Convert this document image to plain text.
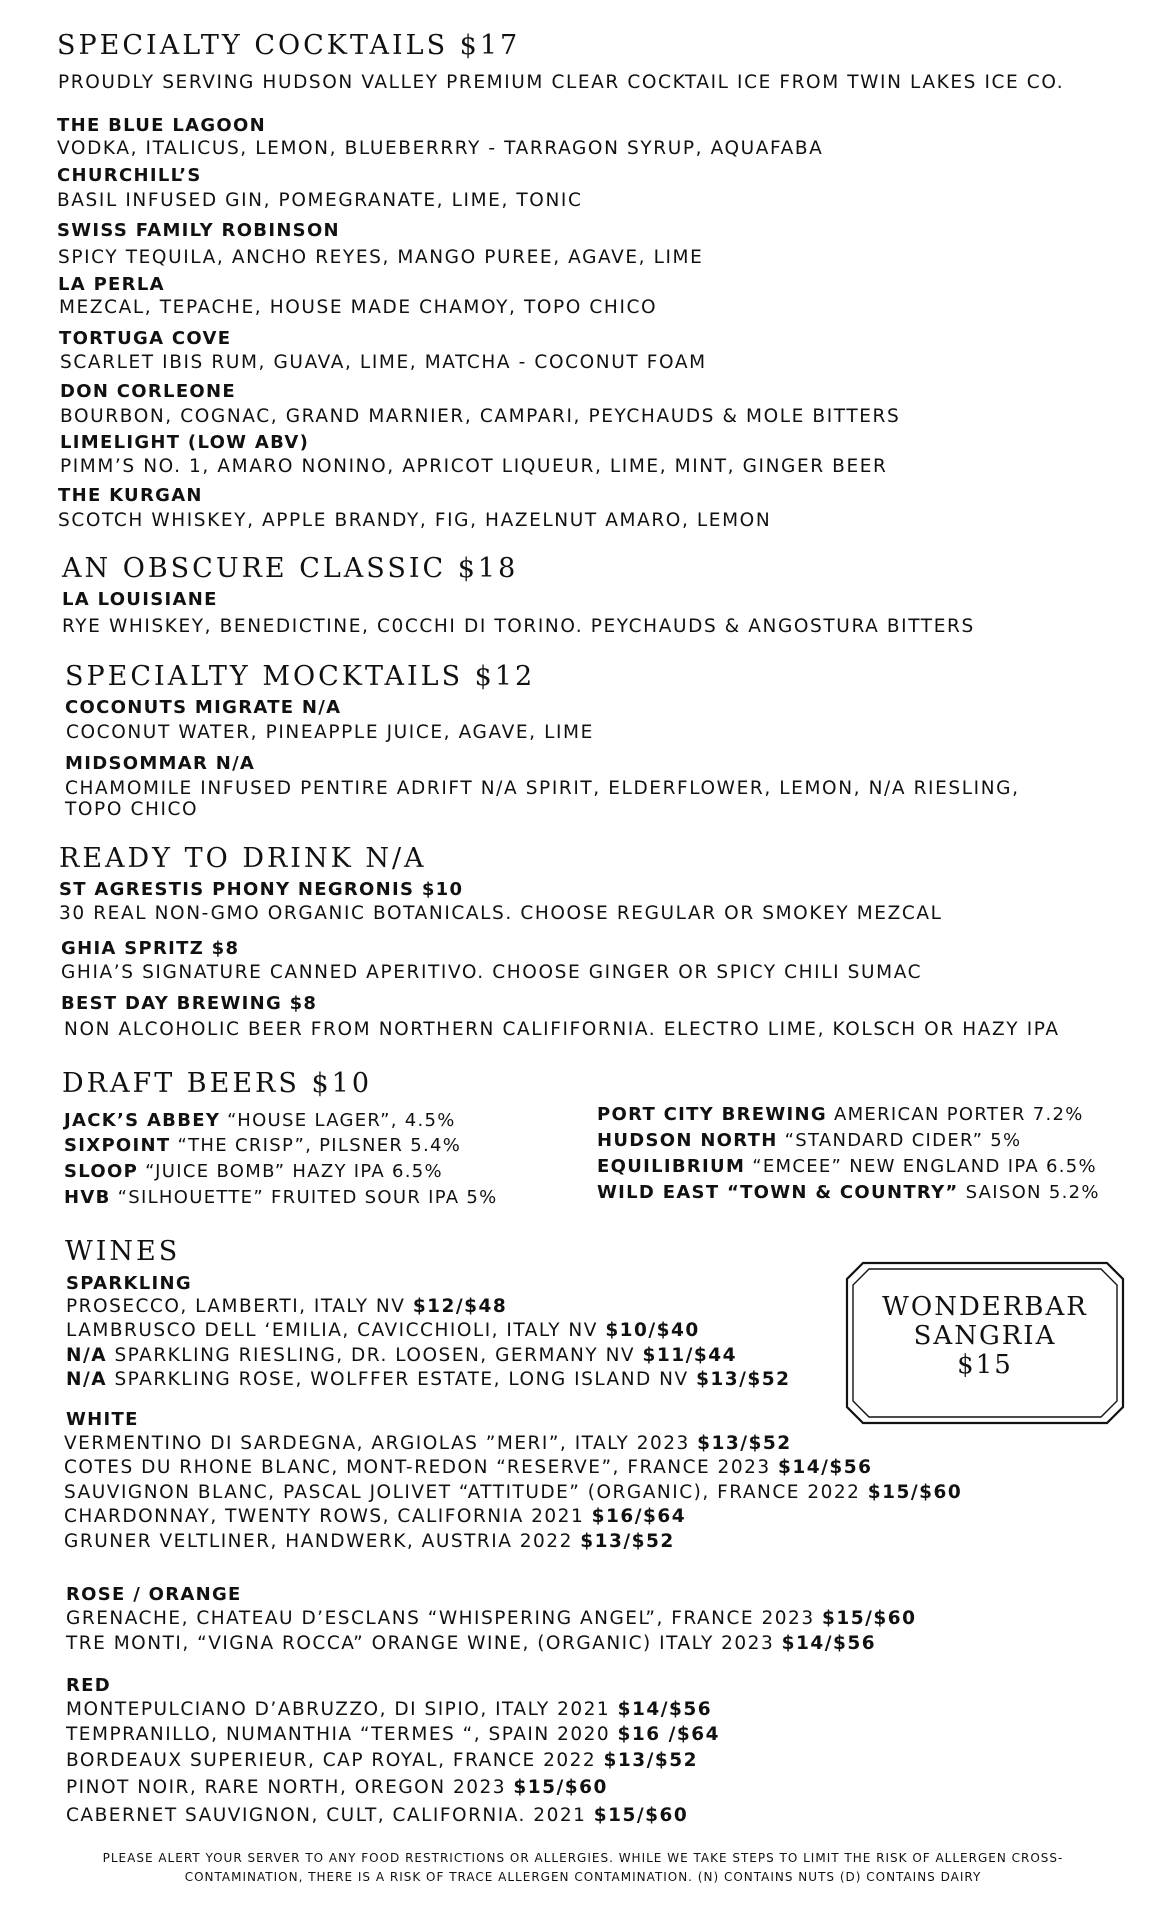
SPECIALTY COCKTAILS $17
PROUDLY SERVING HUDSON VALLEY PREMIUM CLEAR COCKTAIL ICE FROM TWIN LAKES ICE CO.
THE BLUE LAGOON
VODKA, ITALICUS, LEMON, BLUEBERRRY - TARRAGON SYRUP, AQUAFABA
CHURCHILL’S
BASIL INFUSED GIN, POMEGRANATE, LIME, TONIC
SWISS FAMILY ROBINSON
SPICY TEQUILA, ANCHO REYES, MANGO PUREE, AGAVE, LIME
LA PERLA
MEZCAL, TEPACHE, HOUSE MADE CHAMOY, TOPO CHICO
TORTUGA COVE
SCARLET IBIS RUM, GUAVA, LIME, MATCHA - COCONUT FOAM
DON CORLEONE
BOURBON, COGNAC, GRAND MARNIER, CAMPARI, PEYCHAUDS & MOLE BITTERS
LIMELIGHT (LOW ABV)
PIMM’S NO. 1, AMARO NONINO, APRICOT LIQUEUR, LIME, MINT, GINGER BEER
THE KURGAN
SCOTCH WHISKEY, APPLE BRANDY, FIG, HAZELNUT AMARO, LEMON
AN OBSCURE CLASSIC $18
LA LOUISIANE
RYE WHISKEY, BENEDICTINE, C0CCHI DI TORINO. PEYCHAUDS & ANGOSTURA BITTERS
SPECIALTY MOCKTAILS $12
COCONUTS MIGRATE N/A
COCONUT WATER, PINEAPPLE JUICE, AGAVE, LIME
MIDSOMMAR N/A
CHAMOMILE INFUSED PENTIRE ADRIFT N/A SPIRIT, ELDERFLOWER, LEMON, N/A RIESLING,
TOPO CHICO
READY TO DRINK N/A
ST AGRESTIS PHONY NEGRONIS $10
30 REAL NON-GMO ORGANIC BOTANICALS. CHOOSE REGULAR OR SMOKEY MEZCAL
GHIA SPRITZ $8
GHIA’S SIGNATURE CANNED APERITIVO. CHOOSE GINGER OR SPICY CHILI SUMAC
BEST DAY BREWING $8
NON ALCOHOLIC BEER FROM NORTHERN CALIFIFORNIA. ELECTRO LIME, KOLSCH OR HAZY IPA
DRAFT BEERS $10
JACK’S ABBEY “HOUSE LAGER”, 4.5%
SIXPOINT “THE CRISP”, PILSNER 5.4%
SLOOP “JUICE BOMB” HAZY IPA 6.5%
HVB “SILHOUETTE” FRUITED SOUR IPA 5%
PORT CITY BREWING AMERICAN PORTER 7.2%
HUDSON NORTH “STANDARD CIDER” 5%
EQUILIBRIUM “EMCEE” NEW ENGLAND IPA 6.5%
WILD EAST “TOWN & COUNTRY” SAISON 5.2%
WINES
SPARKLING
PROSECCO, LAMBERTI, ITALY NV $12/$48
LAMBRUSCO DELL ‘EMILIA, CAVICCHIOLI, ITALY NV $10/$40
N/A SPARKLING RIESLING, DR. LOOSEN, GERMANY NV $11/$44
N/A SPARKLING ROSE, WOLFFER ESTATE, LONG ISLAND NV $13/$52
WHITE
VERMENTINO DI SARDEGNA, ARGIOLAS ”MERI”, ITALY 2023 $13/$52
COTES DU RHONE BLANC, MONT-REDON “RESERVE”, FRANCE 2023 $14/$56
SAUVIGNON BLANC, PASCAL JOLIVET “ATTITUDE” (ORGANIC), FRANCE 2022 $15/$60
CHARDONNAY, TWENTY ROWS, CALIFORNIA 2021 $16/$64
GRUNER VELTLINER, HANDWERK, AUSTRIA 2022 $13/$52
ROSE / ORANGE
GRENACHE, CHATEAU D’ESCLANS “WHISPERING ANGEL”, FRANCE 2023 $15/$60
TRE MONTI, “VIGNA ROCCA” ORANGE WINE, (ORGANIC) ITALY 2023 $14/$56
RED
MONTEPULCIANO D’ABRUZZO, DI SIPIO, ITALY 2021 $14/$56
TEMPRANILLO, NUMANTHIA “TERMES “, SPAIN 2020 $16 /$64
BORDEAUX SUPERIEUR, CAP ROYAL, FRANCE 2022 $13/$52
PINOT NOIR, RARE NORTH, OREGON 2023 $15/$60
CABERNET SAUVIGNON, CULT, CALIFORNIA. 2021 $15/$60
WONDERBAR
SANGRIA
$15
PLEASE ALERT YOUR SERVER TO ANY FOOD RESTRICTIONS OR ALLERGIES. WHILE WE TAKE STEPS TO LIMIT THE RISK OF ALLERGEN CROSS-
CONTAMINATION, THERE IS A RISK OF TRACE ALLERGEN CONTAMINATION. (N) CONTAINS NUTS (D) CONTAINS DAIRY
